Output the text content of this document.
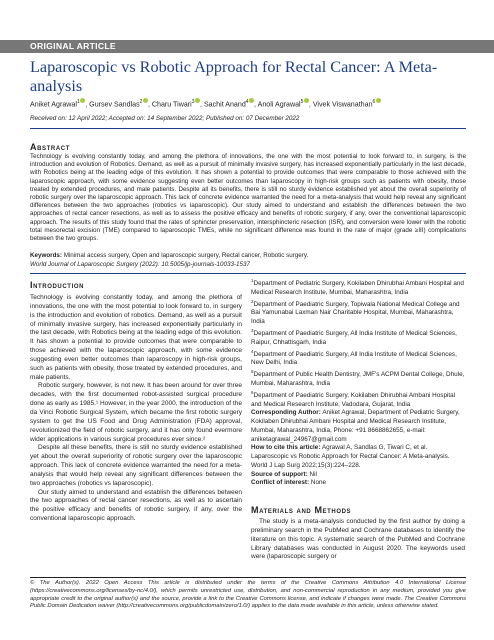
ORIGINAL ARTICLE
Laparoscopic vs Robotic Approach for Rectal Cancer: A Meta-analysis
Aniket Agrawal$^1$ , Gursev Sandlas$^2$ , Charu Tiwari$^3$ , Sachit Anand$^4$ , Anoli Agrawal$^5$ , Vivek Viswanathan$^6$
Received on: 12 April 2022; Accepted on: 14 September 2022; Published on: 07 December 2022
Abstract
Technology is evolving constantly today, and among the plethora of innovations, the one with the most potential to look forward to, in surgery, is the introduction and evolution of Robotics. Demand, as well as a pursuit of minimally invasive surgery, has increased exponentially particularly in the last decade, with Robotics being at the leading edge of this evolution. It has shown a potential to provide outcomes that were comparable to those achieved with the laparoscopic approach, with some evidence suggesting even better outcomes than laparoscopy in high-risk groups such as patients with obesity, those treated by extended procedures, and male patients. Despite all its benefits, there is still no sturdy evidence established yet about the overall superiority of robotic surgery over the laparoscopic approach. This lack of concrete evidence warranted the need for a meta-analysis that would help reveal any significant differences between the two approaches (robotics vs laparoscopic). Our study aimed to understand and establish the differences between the two approaches of rectal cancer resections, as well as to assess the positive efficacy and benefits of robotic surgery, if any, over the conventional laparoscopic approach. The results of this study found that the rates of sphincter preservation, intersphincteric resection (ISR), and conversion were lower with the robotic total mesorectal excision (TME) compared to laparoscopic TMEs, while no significant difference was found in the rate of major (grade ≥III) complications between the two groups.
Keywords: Minimal access surgery, Open and laparoscopic surgery, Rectal cancer, Robotic surgery.
World Journal of Laparoscopic Surgery (2022): 10.5005/jp-journals-10033-1537
Introduction

Technology is evolving constantly today, and among the plethora of innovations, the one with the most potential to look forward to, in surgery is the introduction and evolution of robotics. Demand, as well as a pursuit of minimally invasive surgery, has increased exponentially particularly in the last decade, with Robotics being at the leading edge of this evolution. It has shown a potential to provide outcomes that were comparable to those achieved with the laparoscopic approach, with some evidence suggesting even better outcomes than laparoscopy in high-risk groups, such as patients with obesity, those treated by extended procedures, and male patients.

Robotic surgery, however, is not new. It has been around for over three decades, with the first documented robot-assisted surgical procedure done as early as 1985.¹ However, in the year 2000, the introduction of the da Vinci Robotic Surgical System, which became the first robotic surgery system to get the US Food and Drug Administration (FDA) approval, revolutionized the field of robotic surgery, and it has only found evermore wider applications in various surgical procedures ever since.²

Despite all these benefits, there is still no sturdy evidence established yet about the overall superiority of robotic surgery over the laparoscopic approach. This lack of concrete evidence warranted the need for a meta-analysis that would help reveal any significant differences between the two approaches (robotics vs laparoscopic).

Our study aimed to understand and establish the differences between the two approaches of rectal cancer resections, as well as to ascertain the positive efficacy and benefits of robotic surgery, if any, over the conventional laparoscopic approach.

$^1$Department of Pediatric Surgery, Kokilaben Dhirubhai Ambani Hospital and Medical Research Institute, Mumbai, Maharashtra, India

$^2$Department of Paediatric Surgery, Topiwala National Medical College and Bai Yamunabai Laxman Nair Charitable Hospital, Mumbai, Maharashtra, India

$^3$Department of Paediatric Surgery, All India Institute of Medical Sciences, Raipur, Chhattisgarh, India

$^4$Department of Paediatric Surgery, All India Institute of Medical Sciences, New Delhi, India

$^5$Department of Public Health Dentistry, JMF's ACPM Dental College, Dhule, Mumbai, Maharashtra, India

$^6$Department of Paediatric Surgery, Kokilaben Dhirubhai Ambani Hospital and Medical Research Institute, Vadodara, Gujarat, India

Corresponding Author: Aniket Agrawal, Department of Pediatric Surgery, Kokilaben Dhirubhai Ambani Hospital and Medical Research Institute, Mumbai, Maharashtra, India, Phone: +91 8668862655, e-mail: aniketagrawal_24967@gmail.com

How to cite this article: Agrawal A, Sandlas G, Tiwari C, et al. Laparoscopic vs Robotic Approach for Rectal Cancer: A Meta-analysis. World J Lap Surg 2022;15(3):224–228.

Source of support: Nil

Conflict of interest: None

Materials and Methods
The study is a meta-analysis conducted by the first author by doing a preliminary search in the PubMed and Cochrane databases to identify the literature on this topic. A systematic search of the PubMed and Cochrane Library databases was conducted in August 2020. The keywords used were (laparoscopic surgery or
© The Author(s). 2022 Open Access This article is distributed under the terms of the Creative Commons Attribution 4.0 International License (https://creativecommons.org/licenses/by-nc/4.0/), which permits unrestricted use, distribution, and non-commercial reproduction in any medium, provided you give appropriate credit to the original author(s) and the source, provide a link to the Creative Commons license, and indicate if changes were made. The Creative Commons Public Domain Dedication waiver (http://creativecommons.org/publicdomain/zero/1.0/) applies to the data made available in this article, unless otherwise stated.
